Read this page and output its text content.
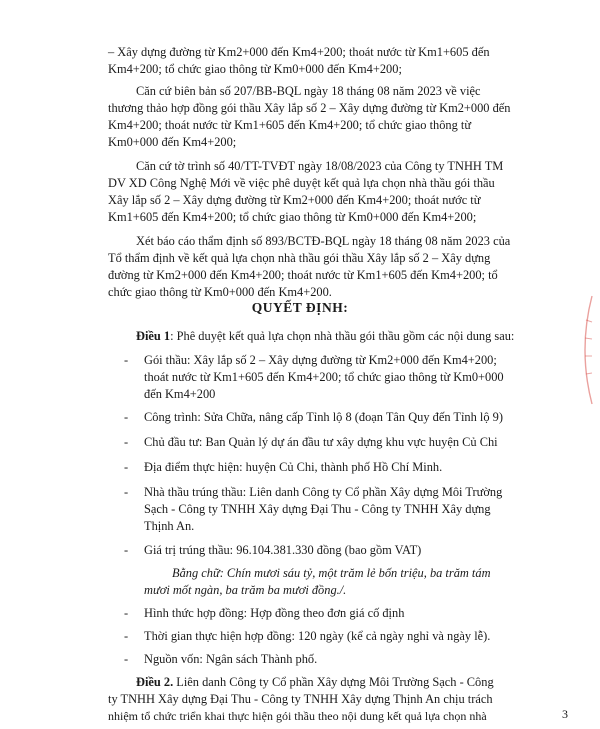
– Xây dựng đường từ Km2+000 đến Km4+200; thoát nước từ Km1+605 đến
Km4+200; tổ chức giao thông từ Km0+000 đến Km4+200;
Căn cứ biên bản số 207/BB-BQL ngày 18 tháng 08 năm 2023 về việc
thương thảo hợp đồng gói thầu Xây lắp số 2 – Xây dựng đường từ Km2+000 đến
Km4+200; thoát nước từ Km1+605 đến Km4+200; tổ chức giao thông từ
Km0+000 đến Km4+200;
Căn cứ tờ trình số 40/TT-TVĐT ngày 18/08/2023 của Công ty TNHH TM
DV XD Công Nghệ Mới về việc phê duyệt kết quả lựa chọn nhà thầu gói thầu
Xây lắp số 2 – Xây dựng đường từ Km2+000 đến Km4+200; thoát nước từ
Km1+605 đến Km4+200; tổ chức giao thông từ Km0+000 đến Km4+200;
Xét báo cáo thẩm định số 893/BCTĐ-BQL ngày 18 tháng 08 năm 2023 của
Tổ thẩm định về kết quả lựa chọn nhà thầu gói thầu Xây lắp số 2 – Xây dựng
đường từ Km2+000 đến Km4+200; thoát nước từ Km1+605 đến Km4+200; tổ
chức giao thông từ Km0+000 đến Km4+200.
QUYẾT ĐỊNH:
Điều 1: Phê duyệt kết quả lựa chọn nhà thầu gói thầu gồm các nội dung sau:
- Gói thầu: Xây lắp số 2 – Xây dựng đường từ Km2+000 đến Km4+200;
thoát nước từ Km1+605 đến Km4+200; tổ chức giao thông từ Km0+000
đến Km4+200
- Công trình: Sửa Chữa, nâng cấp Tỉnh lộ 8 (đoạn Tân Quy đến Tỉnh lộ 9)
- Chủ đầu tư: Ban Quản lý dự án đầu tư xây dựng khu vực huyện Củ Chi
- Địa điểm thực hiện: huyện Củ Chi, thành phố Hồ Chí Minh.
- Nhà thầu trúng thầu: Liên danh Công ty Cổ phần Xây dựng Môi Trường
Sạch - Công ty TNHH Xây dựng Đại Thu - Công ty TNHH Xây dựng
Thịnh An.
- Giá trị trúng thầu: 96.104.381.330 đồng (bao gồm VAT)
Bằng chữ: Chín mươi sáu tỷ, một trăm lẻ bốn triệu, ba trăm tám
mươi mốt ngàn, ba trăm ba mươi đồng./.
- Hình thức hợp đồng: Hợp đồng theo đơn giá cố định
- Thời gian thực hiện hợp đồng: 120 ngày (kể cả ngày nghỉ và ngày lễ).
- Nguồn vốn: Ngân sách Thành phố.
Điều 2. Liên danh Công ty Cổ phần Xây dựng Môi Trường Sạch - Công
ty TNHH Xây dựng Đại Thu - Công ty TNHH Xây dựng Thịnh An chịu trách
nhiệm tổ chức triển khai thực hiện gói thầu theo nội dung kết quả lựa chọn nhà	3
